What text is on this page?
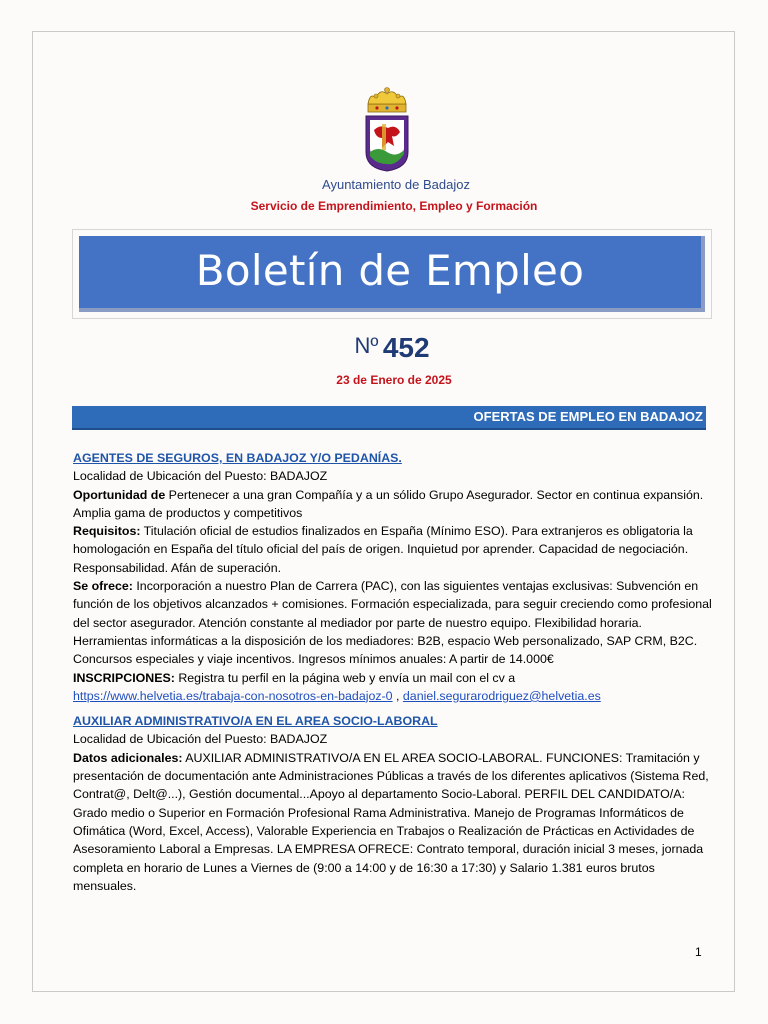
Ayuntamiento de Badajoz
Servicio de Emprendimiento, Empleo y Formación
Boletín de Empleo
Nº 452
23 de Enero de 2025
OFERTAS DE EMPLEO EN BADAJOZ

AGENTES DE SEGUROS, EN BADAJOZ Y/O PEDANÍAS.

Localidad de Ubicación del Puesto: BADAJOZ

Oportunidad de Pertenecer a una gran Compañía y a un sólido Grupo Asegurador. Sector en continua expansión. Amplia gama de productos y competitivos

Requisitos: Titulación oficial de estudios finalizados en España (Mínimo ESO). Para extranjeros es obligatoria la homologación en España del título oficial del país de origen. Inquietud por aprender. Capacidad de negociación. Responsabilidad. Afán de superación.

Se ofrece: Incorporación a nuestro Plan de Carrera (PAC), con las siguientes ventajas exclusivas: Subvención en función de los objetivos alcanzados + comisiones. Formación especializada, para seguir creciendo como profesional del sector asegurador. Atención constante al mediador por parte de nuestro equipo. Flexibilidad horaria. Herramientas informáticas a la disposición de los mediadores: B2B, espacio Web personalizado, SAP CRM, B2C. Concursos especiales y viaje incentivos. Ingresos mínimos anuales: A partir de 14.000€

INSCRIPCIONES: Registra tu perfil en la página web y envía un mail con el cv a

https://www.helvetia.es/trabaja-con-nosotros-en-badajoz-0 , daniel.segurarodriguez@helvetia.es

AUXILIAR ADMINISTRATIVO/A EN EL AREA SOCIO-LABORAL

Localidad de Ubicación del Puesto: BADAJOZ

Datos adicionales: AUXILIAR ADMINISTRATIVO/A EN EL AREA SOCIO-LABORAL. FUNCIONES: Tramitación y presentación de documentación ante Administraciones Públicas a través de los diferentes aplicativos (Sistema Red, Contrat@, Delt@...), Gestión documental...Apoyo al departamento Socio-Laboral. PERFIL DEL CANDIDATO/A: Grado medio o Superior en Formación Profesional Rama Administrativa. Manejo de Programas Informáticos de Ofimática (Word, Excel, Access), Valorable Experiencia en Trabajos o Realización de Prácticas en Actividades de Asesoramiento Laboral a Empresas. LA EMPRESA OFRECE: Contrato temporal, duración inicial 3 meses, jornada completa en horario de Lunes a Viernes de (9:00 a 14:00 y de 16:30 a 17:30) y Salario 1.381 euros brutos mensuales.

1
